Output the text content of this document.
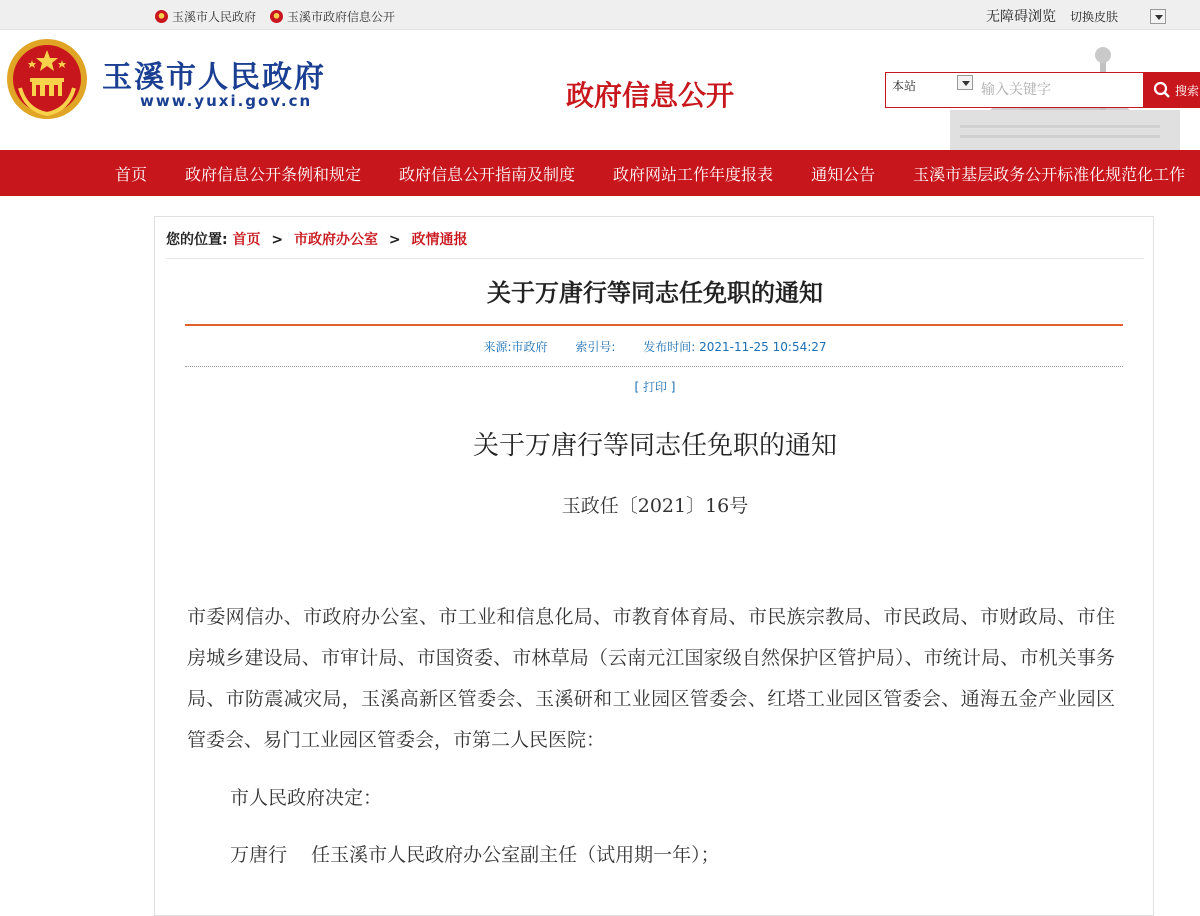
玉溪市人民政府	玉溪市政府信息公开	无障碍浏览 切换皮肤
玉溪市人民政府
www.yuxi.gov.cn	政府信息公开	本站
输入关键字	搜索
首页	政府信息公开条例和规定	政府信息公开指南及制度	政府网站工作年度报表	通知公告	玉溪市基层政务公开标准化规范化工作
您的位置: 首页 > 市政府办公室 > 政情通报
关于万唐行等同志任免职的通知
来源:市政府 索引号: 发布时间: 2021-11-25 10:54:27
[ 打印 ]
关于万唐行等同志任免职的通知
玉政任〔2021〕16号
市委网信办、市政府办公室、市工业和信息化局、市教育体育局、市民族宗教局、市民政局、市财政局、市住房城乡建设局、市审计局、市国资委、市林草局（云南元江国家级自然保护区管护局）、市统计局、市机关事务局、市防震减灾局，玉溪高新区管委会、玉溪研和工业园区管委会、红塔工业园区管委会、通海五金产业园区管委会、易门工业园区管委会，市第二人民医院：
市人民政府决定：
万唐行    任玉溪市人民政府办公室副主任（试用期一年）；
